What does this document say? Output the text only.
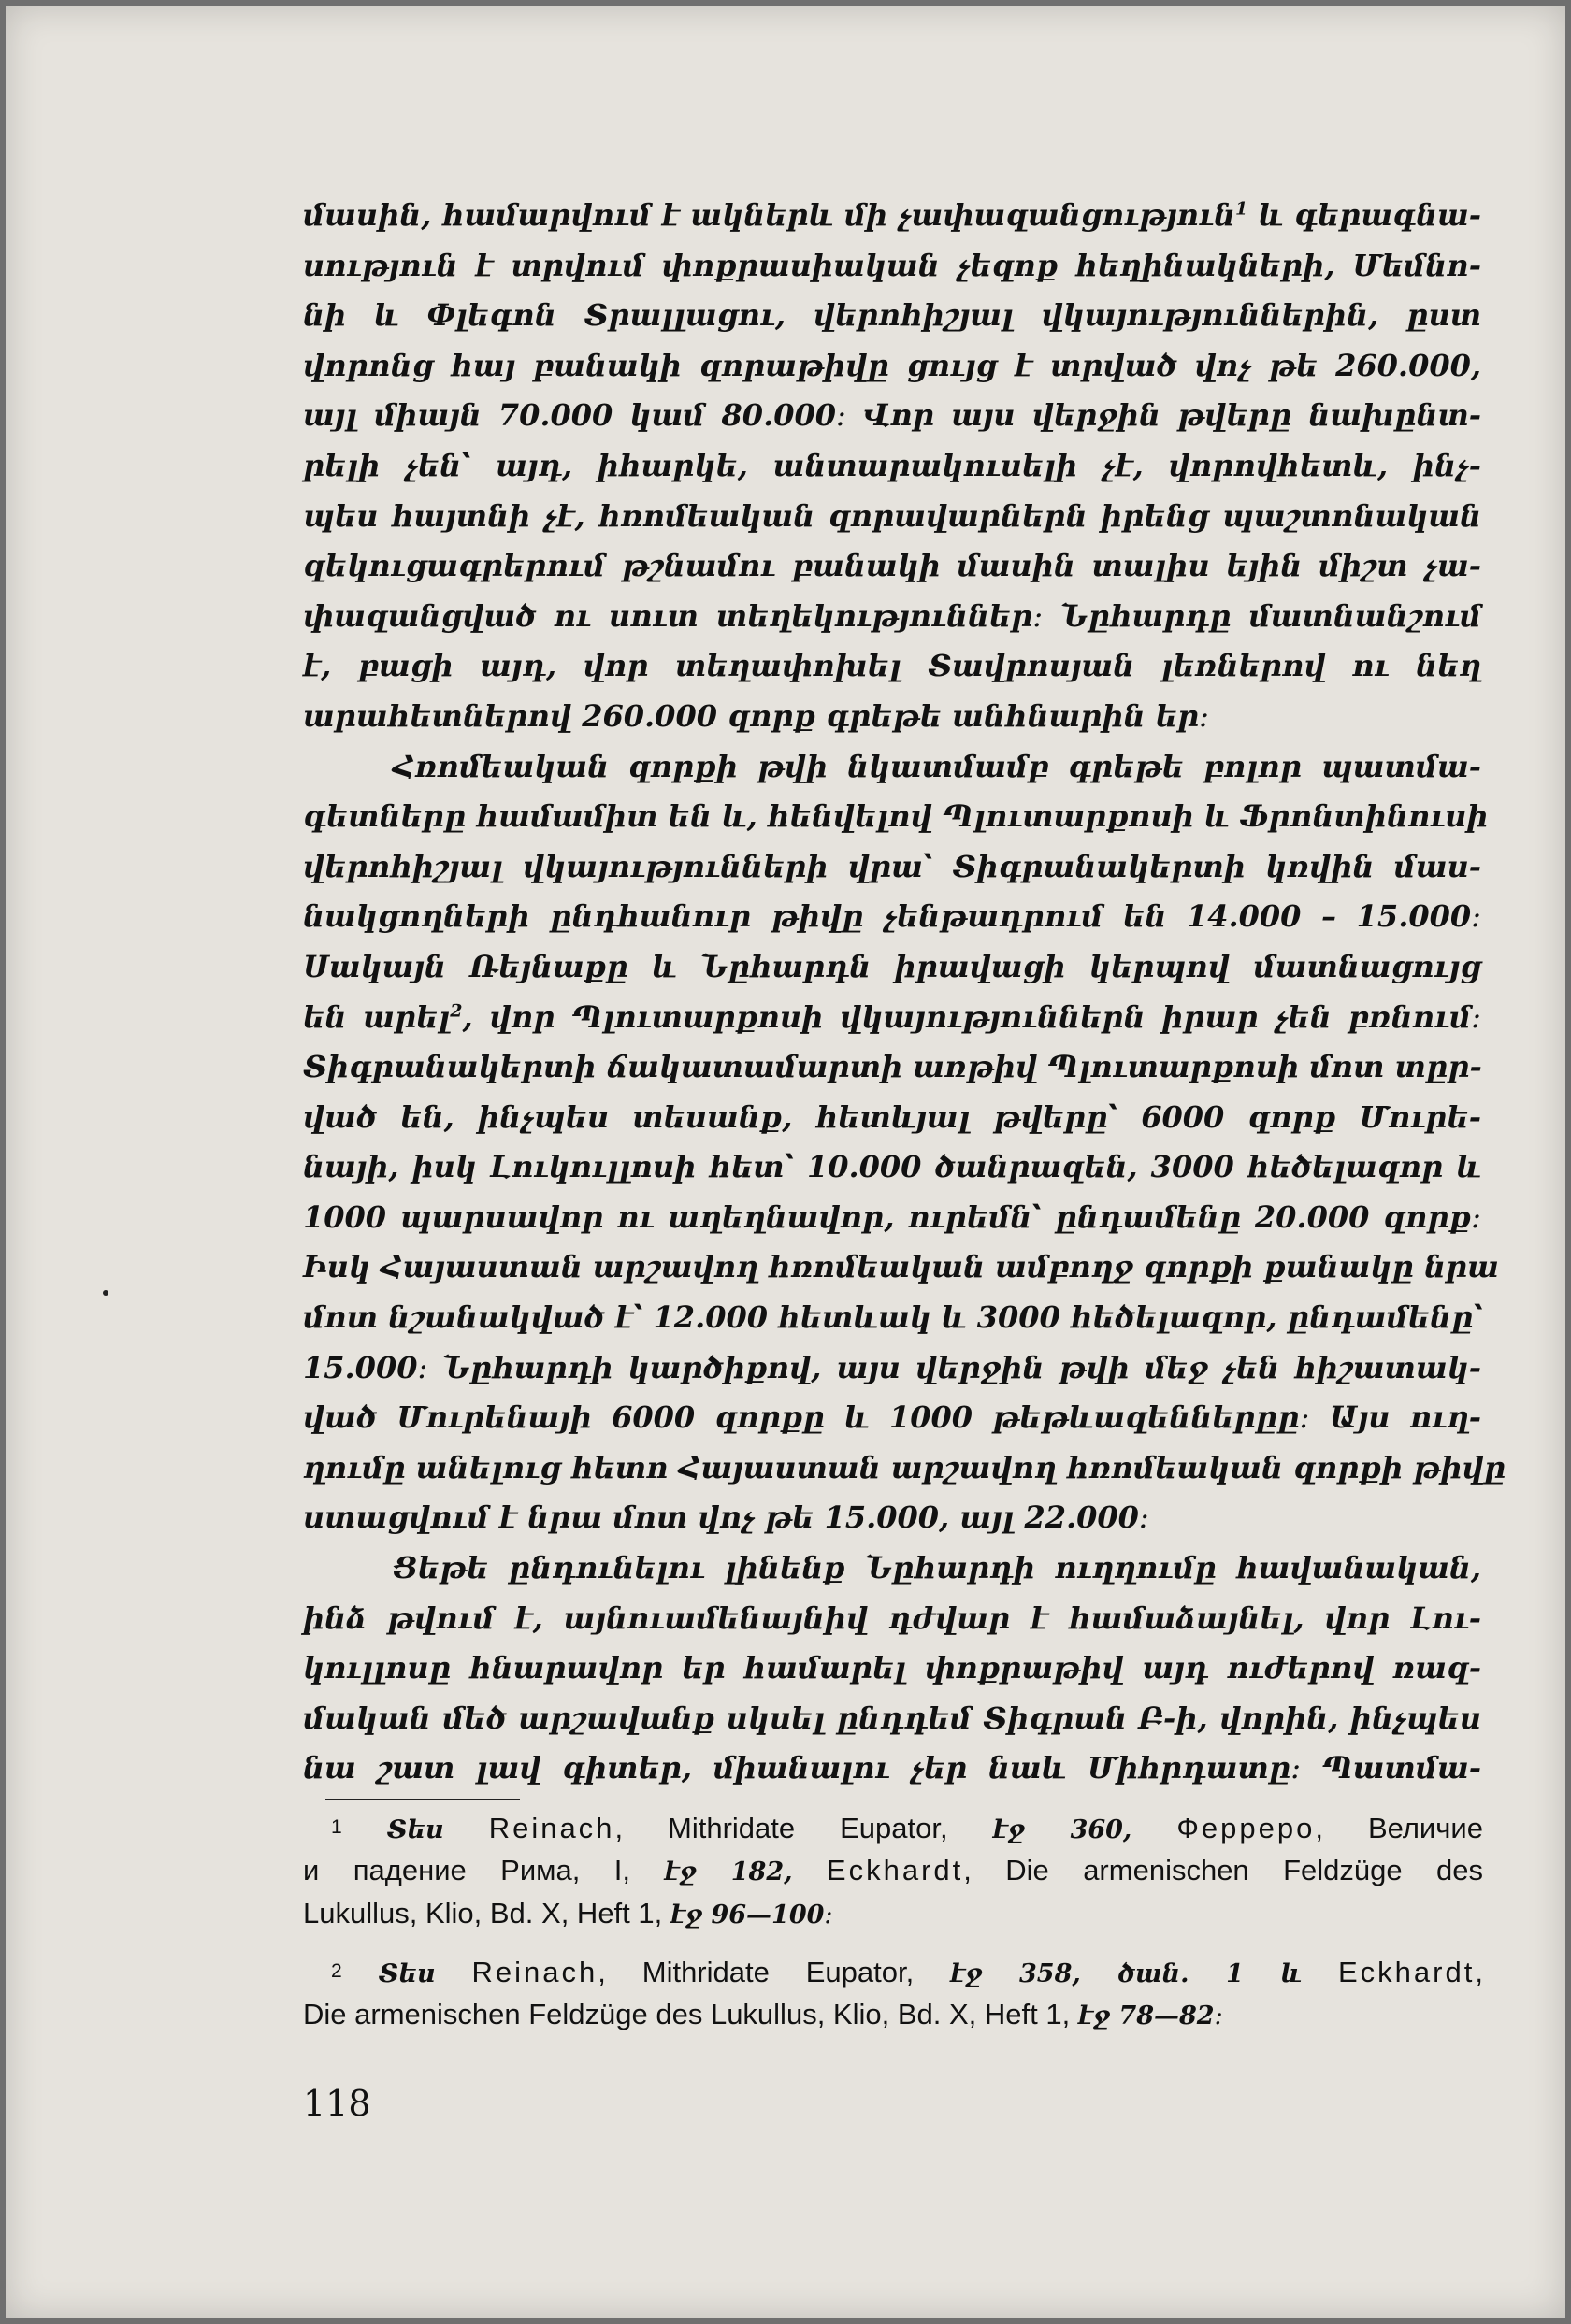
մասին, համարվում է ակներև մի չափազանցություն$^1$ և գերագնա-
սություն է տրվում փոքրասիական չեզոք հեղինակների, Մեմնո-
նի և Փլեգոն Տրալլացու, վերոհիշյալ վկայություններին, ըստ
վորոնց հայ բանակի զորաթիվը ցույց է տրված վոչ թե 260.000,
այլ միայն 70.000 կամ 80.000։ Վոր այս վերջին թվերը նախընտ-
րելի չեն՝ այդ, իհարկե, անտարակուսելի չէ, վորովհետև, ինչ-
պես հայտնի չէ, հռոմեական զորավարներն իրենց պաշտոնական
զեկուցագրերում թշնամու բանակի մասին տալիս եյին միշտ չա-
փազանցված ու սուտ տեղեկություններ։ Նըհարդը մատնանշում
է, բացի այդ, վոր տեղափոխել Տավրոսյան լեռներով ու նեղ
արահետներով 260.000 զորք գրեթե անհնարին եր։
Հռոմեական զորքի թվի նկատմամբ գրեթե բոլոր պատմա-
գետները համամիտ են և, հենվելով Պլուտարքոսի և Ֆրոնտինուսի
վերոհիշյալ վկայությունների վրա՝ Տիգրանակերտի կռվին մաս-
նակցողների ընդհանուր թիվը չենթադրում են 14.000 – 15.000։
Սակայն Ռեյնաքը և Նըհարդն իրավացի կերպով մատնացույց
են արել$^2$, վոր Պլուտարքոսի վկայություններն իրար չեն բռնում։
Տիգրանակերտի ճակատամարտի առթիվ Պլուտարքոսի մոտ տըր-
ված են, ինչպես տեսանք, հետևյալ թվերը՝ 6000 զորք Մուրե-
նայի, իսկ Լուկուլլոսի հետ՝ 10.000 ծանրազեն, 3000 հեծելազոր և
1000 պարսավոր ու աղեղնավոր, ուրեմն՝ ընդամենը 20.000 զորք։
Իսկ Հայաստան արշավող հռոմեական ամբողջ զորքի քանակը նրա
մոտ նշանակված է՝ 12.000 հետևակ և 3000 հեծելազոր, ընդամենը՝
15.000։ Նըհարդի կարծիքով, այս վերջին թվի մեջ չեն հիշատակ-
ված Մուրենայի 6000 զորքը և 1000 թեթևազեններըը։ Այս ուղ-
ղումը անելուց հետո Հայաստան արշավող հռոմեական զորքի թիվը
ստացվում է նրա մոտ վոչ թե 15.000, այլ 22.000։
Ցեթե ընդունելու լինենք Նըհարդի ուղղումը հավանական,
ինձ թվում է, այնուամենայնիվ դժվար է համաձայնել, վոր Լու-
կուլլոսը հնարավոր եր համարել փոքրաթիվ այդ ուժերով ռազ-
մական մեծ արշավանք սկսել ընդդեմ Տիգրան Բ-ի, վորին, ինչպես
նա շատ լավ գիտեր, միանալու չեր նաև Միհրդատը։ Պատմա-
1 Տես Reinach, Mithridate Eupator, էջ 360, Ферреро, Величие
и падение Рима, I, էջ 182, Eckhardt, Die armenischen Feldzüge des
Lukullus, Klio, Bd. X, Heft 1, էջ 96—100։
2 Տես Reinach, Mithridate Eupator, էջ 358, ծան. 1 և Eckhardt,
Die armenischen Feldzüge des Lukullus, Klio, Bd. X, Heft 1, էջ 78—82։
118
